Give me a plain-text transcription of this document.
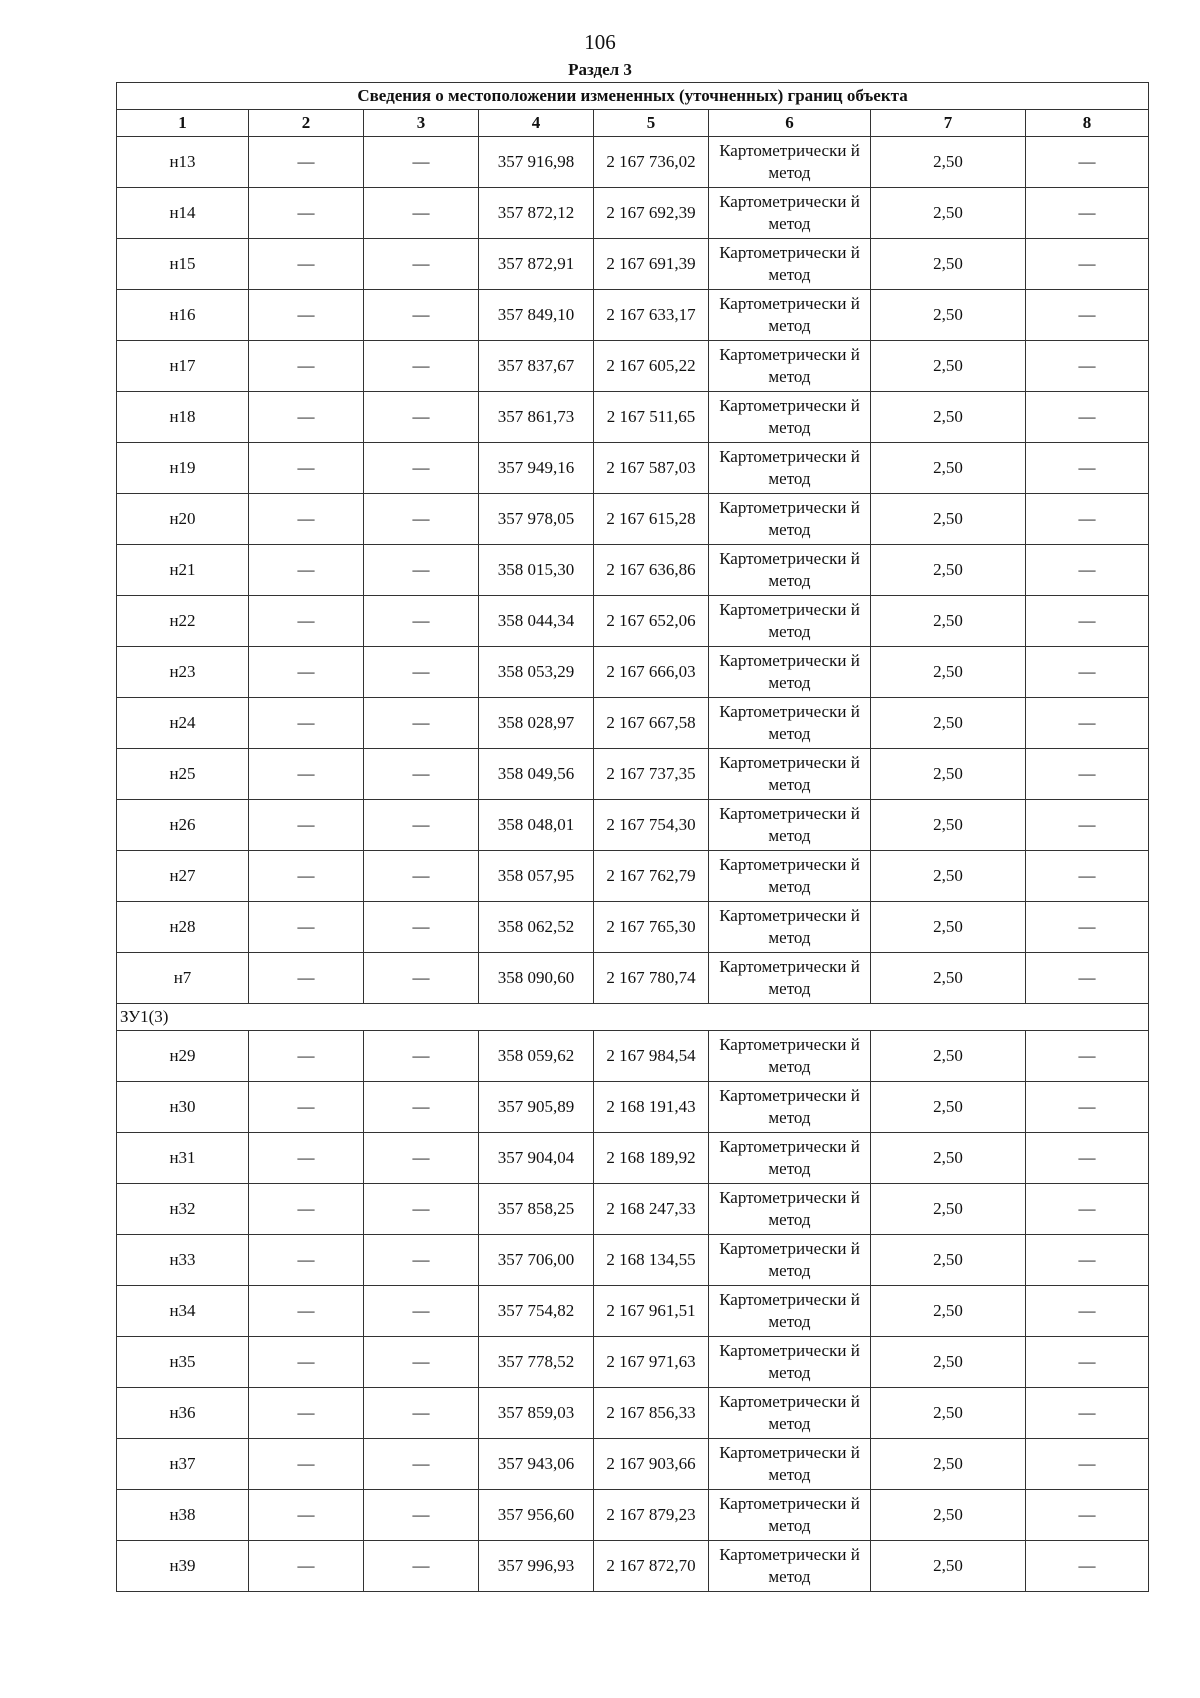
106
Раздел 3
Сведения о местоположении измененных (уточненных) границ объекта							
1	2	3	4	5	6	7	8
н13	—	—	357 916,98	2 167 736,02	Картометрически й метод	2,50	—
н14	—	—	357 872,12	2 167 692,39	Картометрически й метод	2,50	—
н15	—	—	357 872,91	2 167 691,39	Картометрически й метод	2,50	—
н16	—	—	357 849,10	2 167 633,17	Картометрически й метод	2,50	—
н17	—	—	357 837,67	2 167 605,22	Картометрически й метод	2,50	—
н18	—	—	357 861,73	2 167 511,65	Картометрически й метод	2,50	—
н19	—	—	357 949,16	2 167 587,03	Картометрически й метод	2,50	—
н20	—	—	357 978,05	2 167 615,28	Картометрически й метод	2,50	—
н21	—	—	358 015,30	2 167 636,86	Картометрически й метод	2,50	—
н22	—	—	358 044,34	2 167 652,06	Картометрически й метод	2,50	—
н23	—	—	358 053,29	2 167 666,03	Картометрически й метод	2,50	—
н24	—	—	358 028,97	2 167 667,58	Картометрически й метод	2,50	—
н25	—	—	358 049,56	2 167 737,35	Картометрически й метод	2,50	—
н26	—	—	358 048,01	2 167 754,30	Картометрически й метод	2,50	—
н27	—	—	358 057,95	2 167 762,79	Картометрически й метод	2,50	—
н28	—	—	358 062,52	2 167 765,30	Картометрически й метод	2,50	—
н7	—	—	358 090,60	2 167 780,74	Картометрически й метод	2,50	—
ЗУ1(3)							
н29	—	—	358 059,62	2 167 984,54	Картометрически й метод	2,50	—
н30	—	—	357 905,89	2 168 191,43	Картометрически й метод	2,50	—
н31	—	—	357 904,04	2 168 189,92	Картометрически й метод	2,50	—
н32	—	—	357 858,25	2 168 247,33	Картометрически й метод	2,50	—
н33	—	—	357 706,00	2 168 134,55	Картометрически й метод	2,50	—
н34	—	—	357 754,82	2 167 961,51	Картометрически й метод	2,50	—
н35	—	—	357 778,52	2 167 971,63	Картометрически й метод	2,50	—
н36	—	—	357 859,03	2 167 856,33	Картометрически й метод	2,50	—
н37	—	—	357 943,06	2 167 903,66	Картометрически й метод	2,50	—
н38	—	—	357 956,60	2 167 879,23	Картометрически й метод	2,50	—
н39	—	—	357 996,93	2 167 872,70	Картометрически й метод	2,50	—
